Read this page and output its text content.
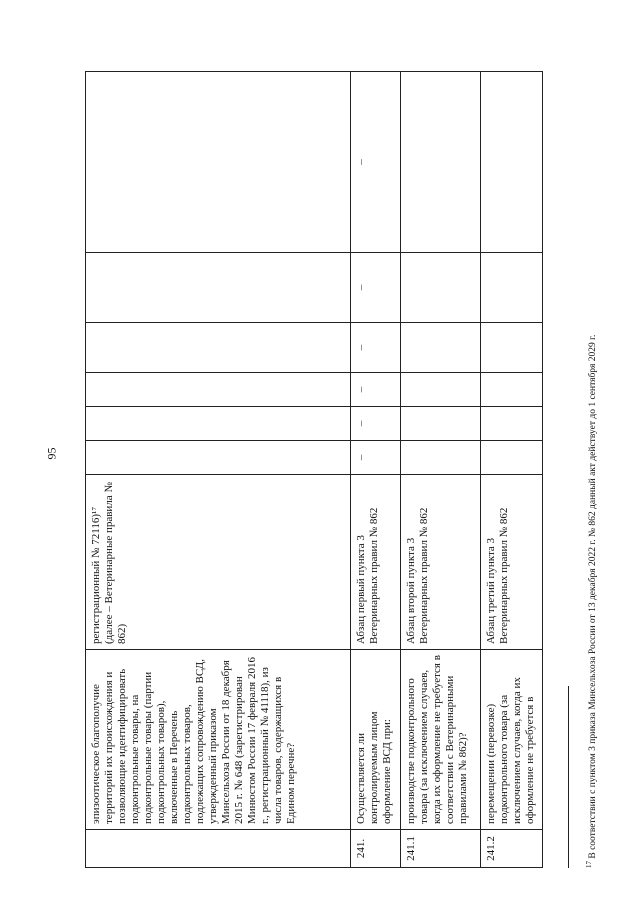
95
	эпизоотическое благополучие территорий их происхождения и позволяющие идентифицировать подконтрольные товары, на подконтрольные товары (партии подконтрольных товаров), включенные в Перечень подконтрольных товаров, подлежащих сопровождению ВСД, утвержденный приказом Минсельхоза России от 18 декабря 2015 г. № 648 (зарегистрирован Минюстом России 17 февраля 2016 г., регистрационный № 41118), из числа товаров, содержащихся в Едином перечне?	регистрационный № 72116)¹⁷ (далее – Ветеринарные правила № 862)						
241.	Осуществляется ли контролируемым лицом оформление ВСД при:	Абзац первый пункта 3 Ветеринарных правил № 862	–	–	–	–	–	–
241.1	производстве подконтрольного товара (за исключением случаев, когда их оформление не требуется в соответствии с Ветеринарными правилами № 862)?	Абзац второй пункта 3 Ветеринарных правил № 862						
241.2	перемещении (перевозке) подконтрольного товара (за исключением случаев, когда их оформление не требуется в	Абзац третий пункта 3 Ветеринарных правил № 862						
$^{17}$ В соответствии с пунктом 3 приказа Минсельхоза России от 13 декабря 2022 г. № 862 данный акт действует до 1 сентября 2029 г.
